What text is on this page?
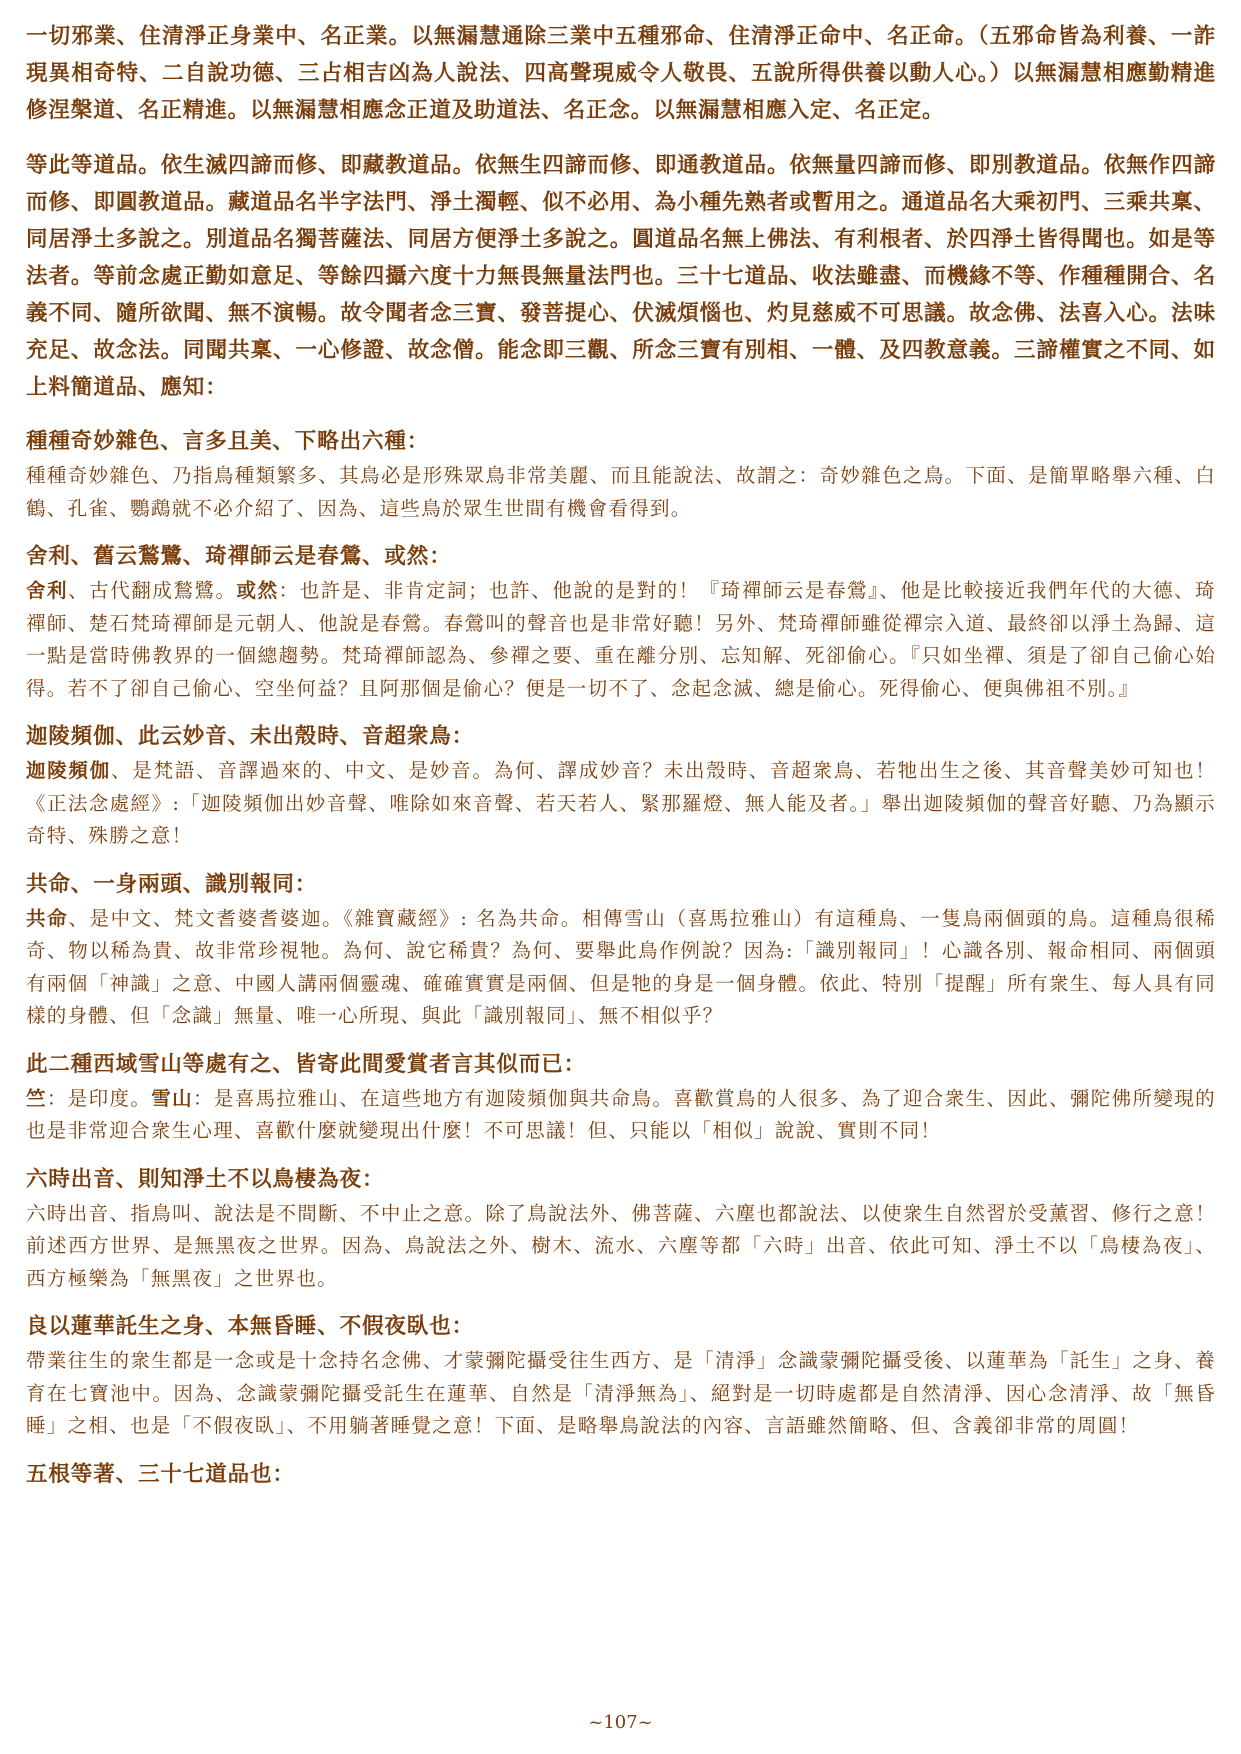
一切邪業、住清淨正身業中、名正業。以無漏慧通除三業中五種邪命、住清淨正命中、名正命。（五邪命皆為利養、一詐現異相奇特、二自說功德、三占相吉凶為人說法、四高聲現威令人敬畏、五說所得供養以動人心。）以無漏慧相應勤精進修涅槃道、名正精進。以無漏慧相應念正道及助道法、名正念。以無漏慧相應入定、名正定。

等此等道品。依生滅四諦而修、即藏教道品。依無生四諦而修、即通教道品。依無量四諦而修、即別教道品。依無作四諦而修、即圓教道品。藏道品名半字法門、淨土濁輕、似不必用、為小種先熟者或暫用之。通道品名大乘初門、三乘共稟、同居淨土多說之。別道品名獨菩薩法、同居方便淨土多說之。圓道品名無上佛法、有利根者、於四淨土皆得聞也。如是等法者。等前念處正勤如意足、等餘四攝六度十力無畏無量法門也。三十七道品、收法雖盡、而機緣不等、作種種開合、名義不同、隨所欲聞、無不演暢。故令聞者念三寶、發菩提心、伏滅煩惱也、灼見慈威不可思議。故念佛、法喜入心。法味充足、故念法。同聞共稟、一心修證、故念僧。能念即三觀、所念三寶有別相、一體、及四教意義。三諦權實之不同、如上料簡道品、應知：

種種奇妙雜色、言多且美、下略出六種：

種種奇妙雜色、乃指鳥種類繁多、其鳥必是形殊眾鳥非常美麗、而且能說法、故謂之：奇妙雜色之鳥。下面、是簡單略舉六種、白鶴、孔雀、鸚鵡就不必介紹了、因為、這些鳥於眾生世間有機會看得到。

舍利、舊云鶖鷺、琦禪師云是春鶯、或然：

舍利、古代翻成鶖鷺。或然：也許是、非肯定詞；也許、他說的是對的！『琦禪師云是春鶯』、他是比較接近我們年代的大德、琦禪師、楚石梵琦禪師是元朝人、他說是春鶯。春鶯叫的聲音也是非常好聽！另外、梵琦禪師雖從禪宗入道、最終卻以淨土為歸、這一點是當時佛教界的一個總趨勢。梵琦禪師認為、參禪之要、重在離分別、忘知解、死卻偷心。『只如坐禪、須是了卻自己偷心始得。若不了卻自己偷心、空坐何益？且阿那個是偷心？便是一切不了、念起念滅、總是偷心。死得偷心、便與佛祖不別。』

迦陵頻伽、此云妙音、未出殼時、音超衆鳥：

迦陵頻伽、是梵語、音譯過來的、中文、是妙音。為何、譯成妙音？未出殼時、音超衆鳥、若牠出生之後、其音聲美妙可知也！《正法念處經》:「迦陵頻伽出妙音聲、唯除如來音聲、若天若人、緊那羅燈、無人能及者。」舉出迦陵頻伽的聲音好聽、乃為顯示奇特、殊勝之意！

共命、一身兩頭、識別報同：

共命、是中文、梵文耆婆耆婆迦。《雜寶藏經》: 名為共命。相傳雪山（喜馬拉雅山）有這種鳥、一隻鳥兩個頭的鳥。這種鳥很稀奇、物以稀為貴、故非常珍視牠。為何、說它稀貴？為何、要舉此鳥作例說？因為:「識別報同」！心識各別、報命相同、兩個頭有兩個「神識」之意、中國人講兩個靈魂、確確實實是兩個、但是牠的身是一個身體。依此、特別「提醒」所有衆生、每人具有同樣的身體、但「念識」無量、唯一心所現、與此「識別報同」、無不相似乎？

此二種西域雪山等處有之、皆寄此間愛賞者言其似而已：

竺：是印度。雪山：是喜馬拉雅山、在這些地方有迦陵頻伽與共命鳥。喜歡賞鳥的人很多、為了迎合衆生、因此、彌陀佛所變現的也是非常迎合衆生心理、喜歡什麼就變現出什麼！不可思議！但、只能以「相似」說說、實則不同！

六時出音、則知淨土不以鳥棲為夜：

六時出音、指鳥叫、說法是不間斷、不中止之意。除了鳥說法外、佛菩薩、六塵也都說法、以使衆生自然習於受薰習、修行之意！前述西方世界、是無黑夜之世界。因為、鳥說法之外、樹木、流水、六塵等都「六時」出音、依此可知、淨土不以「鳥棲為夜」、西方極樂為「無黑夜」之世界也。

良以蓮華託生之身、本無昏睡、不假夜臥也：

帶業往生的衆生都是一念或是十念持名念佛、才蒙彌陀攝受往生西方、是「清淨」念識蒙彌陀攝受後、以蓮華為「託生」之身、養育在七寶池中。因為、念識蒙彌陀攝受託生在蓮華、自然是「清淨無為」、絕對是一切時處都是自然清淨、因心念清淨、故「無昏睡」之相、也是「不假夜臥」、不用躺著睡覺之意！下面、是略舉鳥說法的內容、言語雖然簡略、但、含義卻非常的周圓！

五根等著、三十七道品也：

~107~
